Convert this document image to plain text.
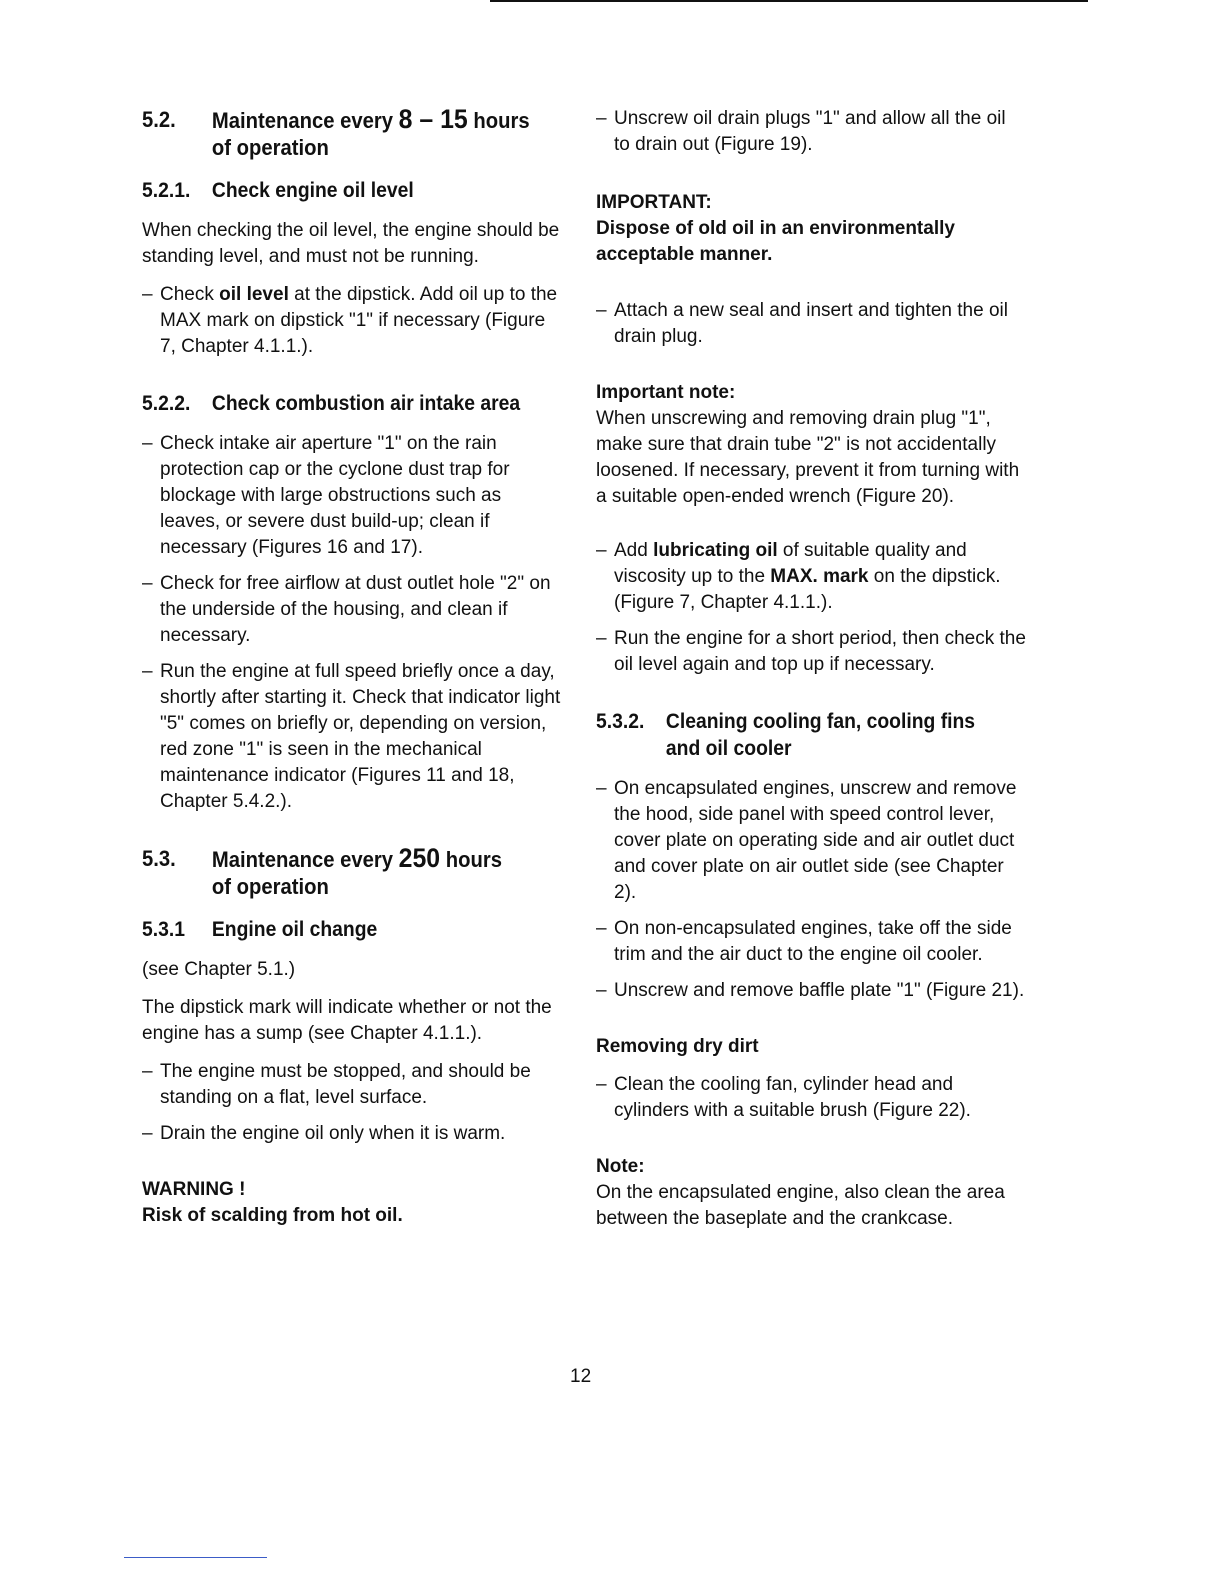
5.2.	Maintenance every 8 – 15 hours
of operation
5.2.1.	Check engine oil level

When checking the oil level, the engine should be standing level, and must not be running.

– Check oil level at the dipstick. Add oil up to the MAX mark on dipstick "1" if necessary (Figure 7, Chapter 4.1.1.).
5.2.2.	Check combustion air intake area
– Check intake air aperture "1" on the rain protection cap or the cyclone dust trap for blockage with large obstructions such as leaves, or severe dust build-up; clean if necessary (Figures 16 and 17).
– Check for free airflow at dust outlet hole "2" on the underside of the housing, and clean if necessary.
– Run the engine at full speed briefly once a day, shortly after starting it. Check that indicator light "5" comes on briefly or, depending on version, red zone "1" is seen in the mechanical maintenance indicator (Figures 11 and 18, Chapter 5.4.2.).
5.3.	Maintenance every 250 hours
of operation
5.3.1	Engine oil change

(see Chapter 5.1.)

The dipstick mark will indicate whether or not the engine has a sump (see Chapter 4.1.1.).

– The engine must be stopped, and should be standing on a flat, level surface.
– Drain the engine oil only when it is warm.
WARNING !
Risk of scalding from hot oil.
– Unscrew oil drain plugs "1" and allow all the oil to drain out (Figure 19).
IMPORTANT:
Dispose of old oil in an environmentally acceptable manner.
– Attach a new seal and insert and tighten the oil drain plug.
Important note:
When unscrewing and removing drain plug "1", make sure that drain tube "2" is not accidentally loosened. If necessary, prevent it from turning with a suitable open-ended wrench (Figure 20).
– Add lubricating oil of suitable quality and viscosity up to the MAX. mark on the dipstick. (Figure 7, Chapter 4.1.1.).
– Run the engine for a short period, then check the oil level again and top up if necessary.
5.3.2.	Cleaning cooling fan, cooling fins and oil cooler
– On encapsulated engines, unscrew and remove the hood, side panel with speed control lever, cover plate on operating side and air outlet duct and cover plate on air outlet side (see Chapter 2).
– On non-encapsulated engines, take off the side trim and the air duct to the engine oil cooler.
– Unscrew and remove baffle plate "1" (Figure 21).
Removing dry dirt
– Clean the cooling fan, cylinder head and cylinders with a suitable brush (Figure 22).
Note:
On the encapsulated engine, also clean the area between the baseplate and the crankcase.
12
